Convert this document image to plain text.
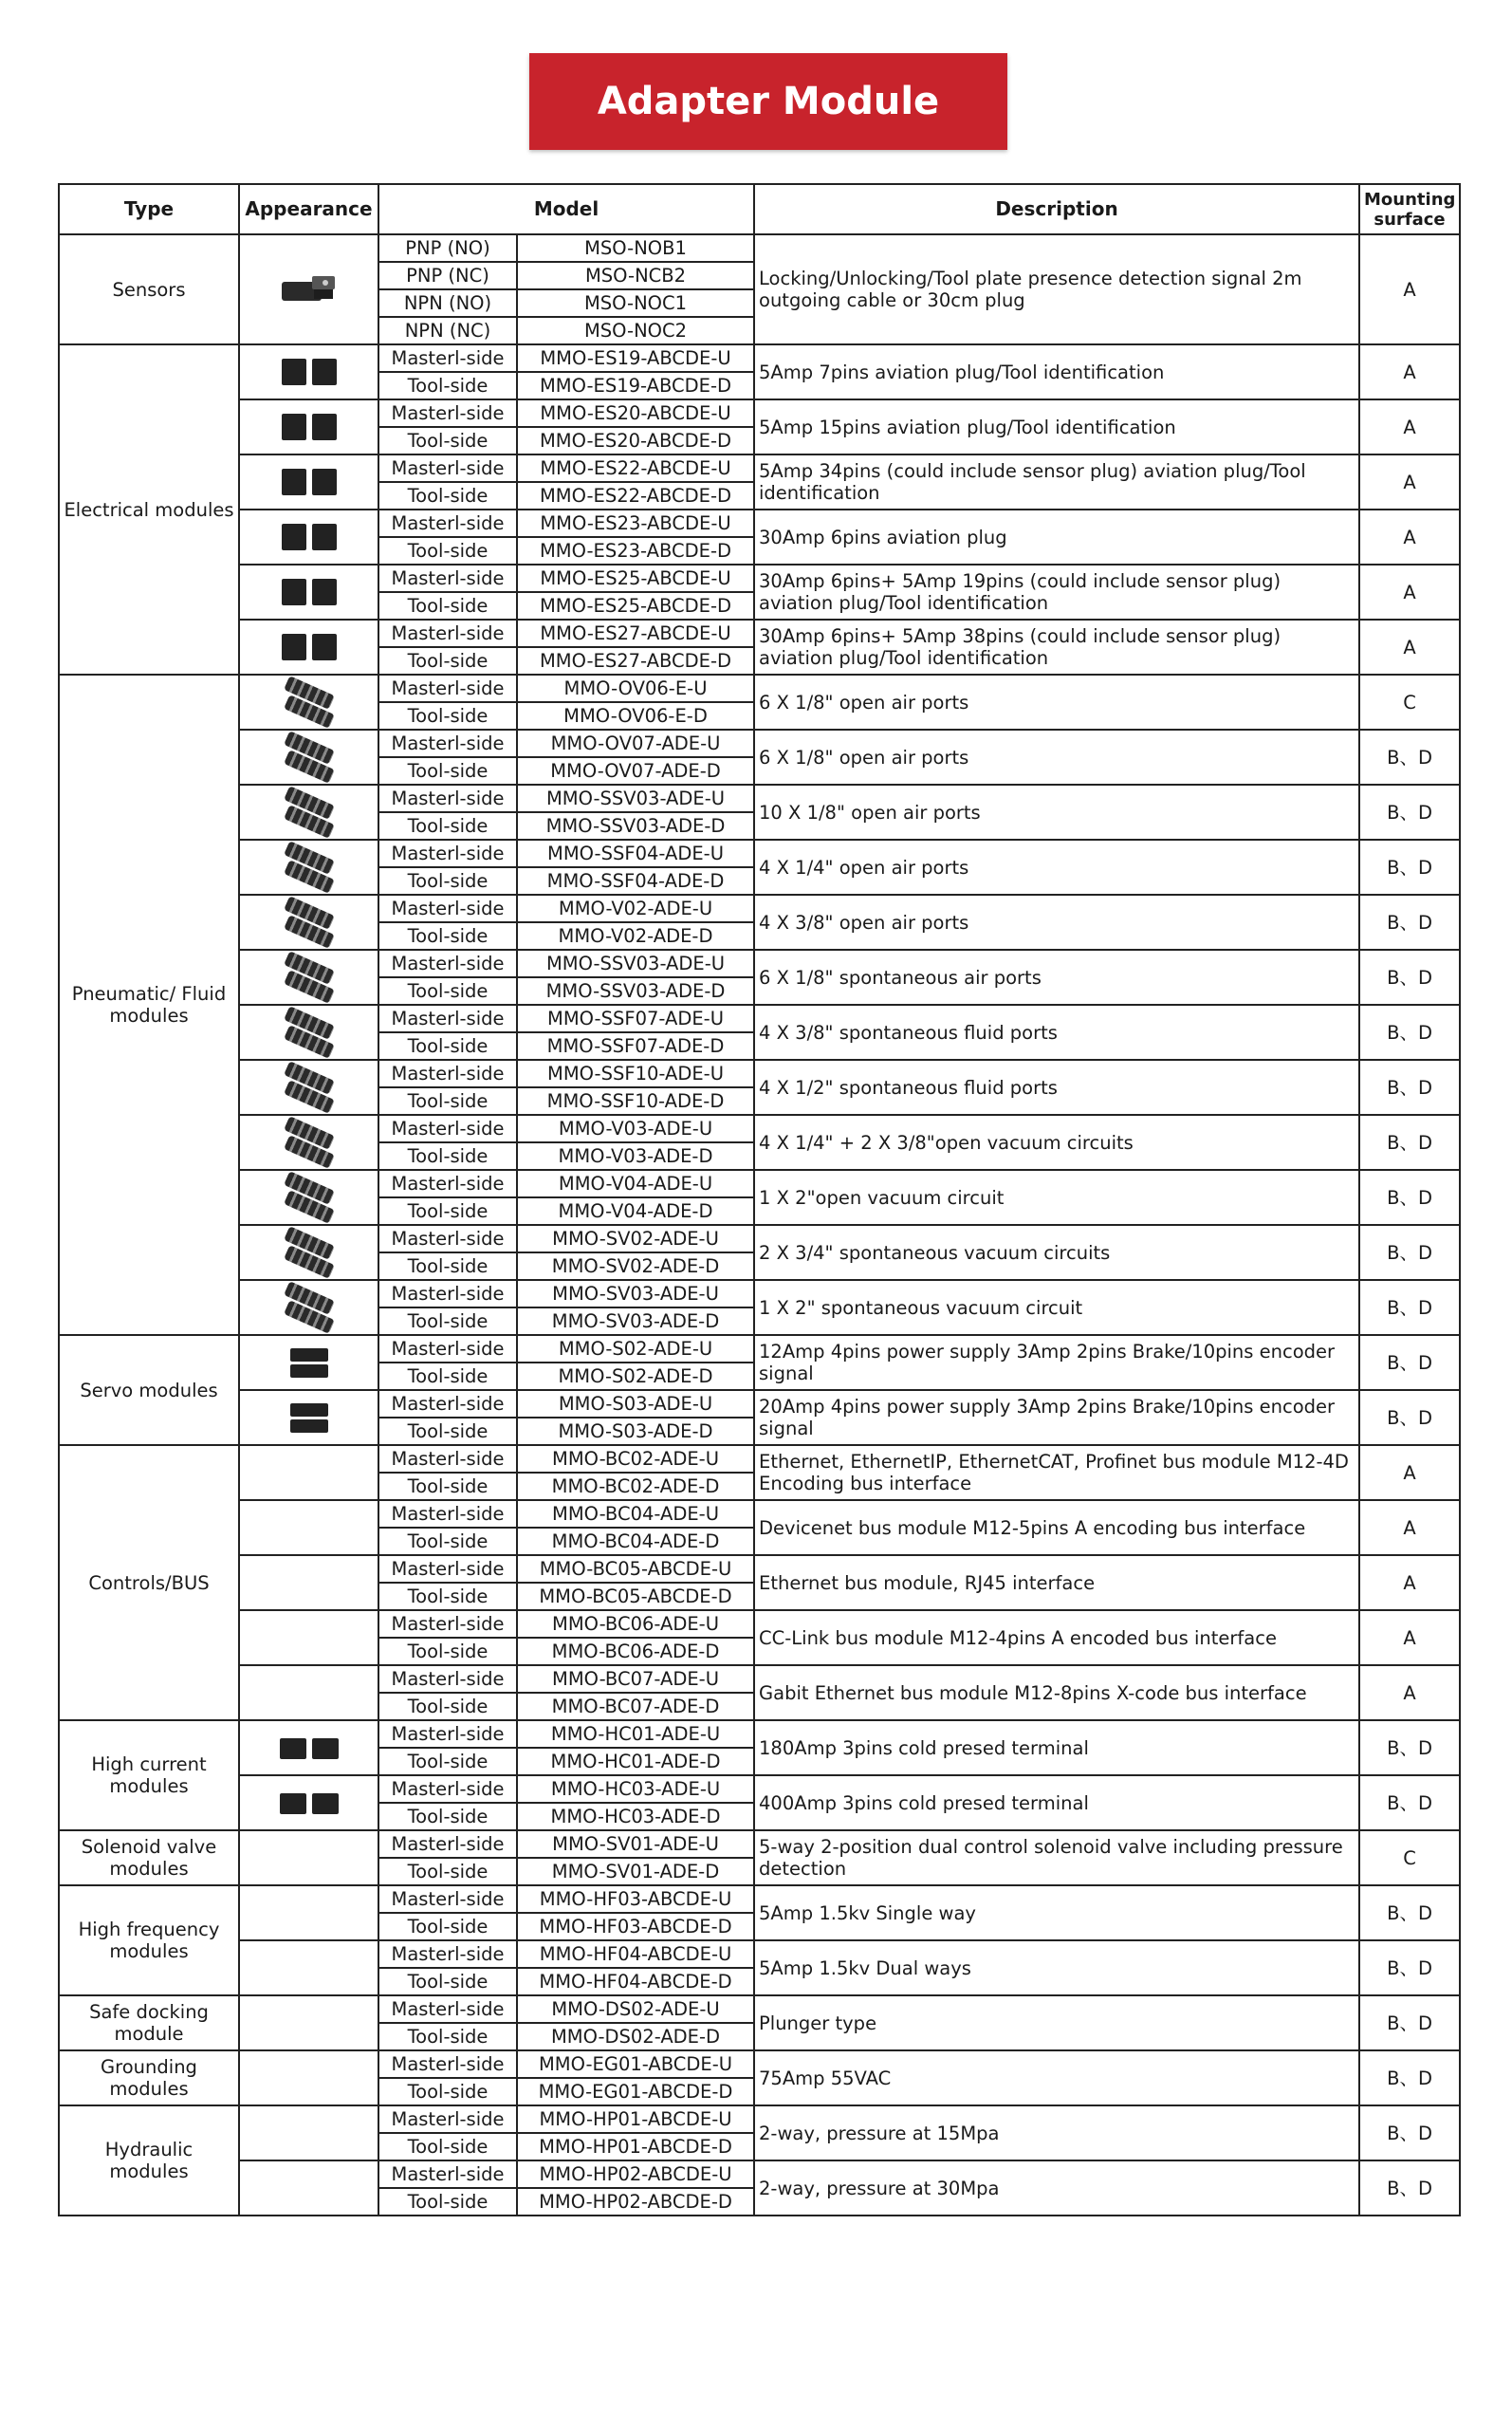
Adapter Module
Type	Appearance	Model		Description	Mounting surface
Sensors		PNP (NO)	MSO-NOB1	Locking/Unlocking/Tool plate presence detection signal 2m outgoing cable or 30cm plug	A
		PNP (NC)	MSO-NCB2		
		NPN (NO)	MSO-NOC1		
		NPN (NC)	MSO-NOC2		
Electrical modules		Masterl-side	MMO-ES19-ABCDE-U	5Amp 7pins aviation plug/Tool identification	A
		Tool-side	MMO-ES19-ABCDE-D		

		Masterl-side	MMO-ES20-ABCDE-U	5Amp 15pins aviation plug/Tool identification	A
		Tool-side	MMO-ES20-ABCDE-D		

		Masterl-side	MMO-ES22-ABCDE-U	5Amp 34pins (could include sensor plug) aviation plug/Tool identification	A
		Tool-side	MMO-ES22-ABCDE-D		

		Masterl-side	MMO-ES23-ABCDE-U	30Amp 6pins aviation plug	A
		Tool-side	MMO-ES23-ABCDE-D		

		Masterl-side	MMO-ES25-ABCDE-U	30Amp 6pins+ 5Amp 19pins (could include sensor plug) aviation plug/Tool identification	A
		Tool-side	MMO-ES25-ABCDE-D		

		Masterl-side	MMO-ES27-ABCDE-U	30Amp 6pins+ 5Amp 38pins (could include sensor plug) aviation plug/Tool identification	A
		Tool-side	MMO-ES27-ABCDE-D		
Pneumatic/ Fluid modules		Masterl-side	MMO-OV06-E-U	6 X 1/8" open air ports	C
		Tool-side	MMO-OV06-E-D		

		Masterl-side	MMO-OV07-ADE-U	6 X 1/8" open air ports	B、D
		Tool-side	MMO-OV07-ADE-D		

		Masterl-side	MMO-SSV03-ADE-U	10 X 1/8" open air ports	B、D
		Tool-side	MMO-SSV03-ADE-D		

		Masterl-side	MMO-SSF04-ADE-U	4 X 1/4" open air ports	B、D
		Tool-side	MMO-SSF04-ADE-D		

		Masterl-side	MMO-V02-ADE-U	4 X 3/8" open air ports	B、D
		Tool-side	MMO-V02-ADE-D		

		Masterl-side	MMO-SSV03-ADE-U	6 X 1/8" spontaneous air ports	B、D
		Tool-side	MMO-SSV03-ADE-D		

		Masterl-side	MMO-SSF07-ADE-U	4 X 3/8" spontaneous fluid ports	B、D
		Tool-side	MMO-SSF07-ADE-D		

		Masterl-side	MMO-SSF10-ADE-U	4 X 1/2" spontaneous fluid ports	B、D
		Tool-side	MMO-SSF10-ADE-D		

		Masterl-side	MMO-V03-ADE-U	4 X 1/4" + 2 X 3/8"open vacuum circuits	B、D
		Tool-side	MMO-V03-ADE-D		

		Masterl-side	MMO-V04-ADE-U	1 X 2"open vacuum circuit	B、D
		Tool-side	MMO-V04-ADE-D		

		Masterl-side	MMO-SV02-ADE-U	2 X 3/4" spontaneous vacuum circuits	B、D
		Tool-side	MMO-SV02-ADE-D		

		Masterl-side	MMO-SV03-ADE-U	1 X 2" spontaneous vacuum circuit	B、D
		Tool-side	MMO-SV03-ADE-D		
Servo modules		Masterl-side	MMO-S02-ADE-U	12Amp 4pins power supply 3Amp 2pins Brake/10pins encoder signal	B、D
		Tool-side	MMO-S02-ADE-D		

		Masterl-side	MMO-S03-ADE-U	20Amp 4pins power supply 3Amp 2pins Brake/10pins encoder signal	B、D
		Tool-side	MMO-S03-ADE-D		
Controls/BUS		Masterl-side	MMO-BC02-ADE-U	Ethernet, EthernetIP, EthernetCAT, Profinet bus module M12-4D Encoding bus interface	A
		Tool-side	MMO-BC02-ADE-D		
		Masterl-side	MMO-BC04-ADE-U	Devicenet bus module M12-5pins A encoding bus interface	A
		Tool-side	MMO-BC04-ADE-D		
		Masterl-side	MMO-BC05-ABCDE-U	Ethernet bus module, RJ45 interface	A
		Tool-side	MMO-BC05-ABCDE-D		
		Masterl-side	MMO-BC06-ADE-U	CC-Link bus module M12-4pins A encoded bus interface	A
		Tool-side	MMO-BC06-ADE-D		
		Masterl-side	MMO-BC07-ADE-U	Gabit Ethernet bus module M12-8pins X-code bus interface	A
		Tool-side	MMO-BC07-ADE-D		
High current modules		Masterl-side	MMO-HC01-ADE-U	180Amp 3pins cold presed terminal	B、D
		Tool-side	MMO-HC01-ADE-D		

		Masterl-side	MMO-HC03-ADE-U	400Amp 3pins cold presed terminal	B、D
		Tool-side	MMO-HC03-ADE-D		
Solenoid valve modules		Masterl-side	MMO-SV01-ADE-U	5-way 2-position dual control solenoid valve including pressure detection	C
		Tool-side	MMO-SV01-ADE-D		
High frequency modules		Masterl-side	MMO-HF03-ABCDE-U	5Amp 1.5kv Single way	B、D
		Tool-side	MMO-HF03-ABCDE-D		
		Masterl-side	MMO-HF04-ABCDE-U	5Amp 1.5kv Dual ways	B、D
		Tool-side	MMO-HF04-ABCDE-D		
Safe docking module		Masterl-side	MMO-DS02-ADE-U	Plunger type	B、D
		Tool-side	MMO-DS02-ADE-D		
Grounding modules		Masterl-side	MMO-EG01-ABCDE-U	75Amp 55VAC	B、D
		Tool-side	MMO-EG01-ABCDE-D		
Hydraulic modules		Masterl-side	MMO-HP01-ABCDE-U	2-way, pressure at 15Mpa	B、D
		Tool-side	MMO-HP01-ABCDE-D		
		Masterl-side	MMO-HP02-ABCDE-U	2-way, pressure at 30Mpa	B、D
		Tool-side	MMO-HP02-ABCDE-D		
